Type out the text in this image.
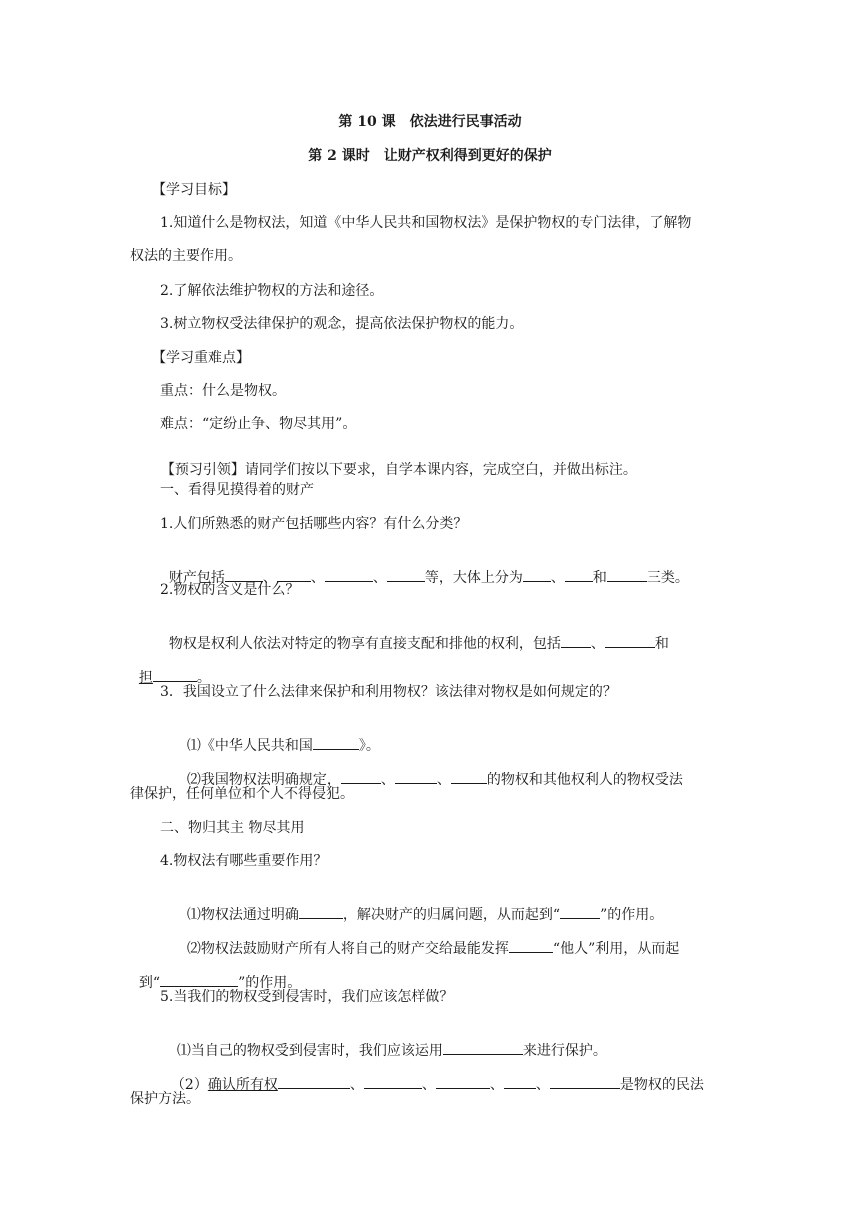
第 10 课　依法进行民事活动
第 2 课时　让财产权利得到更好的保护
【学习目标】
1.知道什么是物权法，知道《中华人民共和国物权法》是保护物权的专门法律，了解物
权法的主要作用。
2.了解依法维护物权的方法和途径。
3.树立物权受法律保护的观念，提高依法保护物权的能力。
【学习重难点】
重点：什么是物权。
难点：“定纷止争、物尽其用”。

【预习引领】请同学们按以下要求，自学本课内容，完成空白，并做出标注。

一、看得见摸得着的财产
1.人们所熟悉的财产包括哪些内容？有什么分类？

财产包括	、 、	、	等，大体上分为 、 和	三类。

2.物权的含义是什么？

物权是权利人依法对特定的物享有直接支配和排他的权利，包括 、	和

担	。

3．我国设立了什么法律来保护和利用物权？该法律对物权是如何规定的？

⑴《中华人民共和国	》。

⑵我国物权法明确规定，	、	、	的物权和其他权利人的物权受法

律保护，任何单位和个人不得侵犯。
二、物归其主 物尽其用
4.物权法有哪些重要作用？

⑴物权法通过明确	，解决财产的归属问题，从而起到“	”的作用。

⑵物权法鼓励财产所有人将自己的财产交给最能发挥	“他人”利用，从而起

到“	”的作用。

5.当我们的物权受到侵害时，我们应该怎样做？

⑴当自己的物权受到侵害时，我们应该运用	来进行保护。

（2）确认所有权	、	、	、 、	是物权的民法

保护方法。
